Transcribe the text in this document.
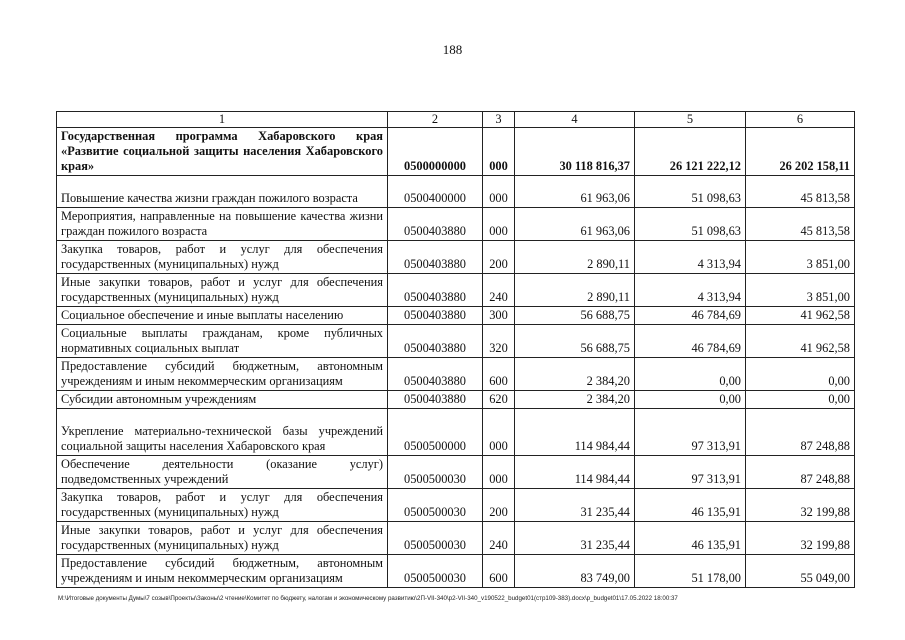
188
1	2	3	4	5	6
Государственная программа Хабаровского края «Развитие социальной защиты населения Хабаровского края»	0500000000	000	30 118 816,37	26 121 222,12	26 202 158,11
Повышение качества жизни граждан пожилого возраста	0500400000	000	61 963,06	51 098,63	45 813,58
Мероприятия, направленные на повышение качества жизни граждан пожилого возраста	0500403880	000	61 963,06	51 098,63	45 813,58
Закупка товаров, работ и услуг для обеспечения государственных (муниципальных) нужд	0500403880	200	2 890,11	4 313,94	3 851,00
Иные закупки товаров, работ и услуг для обеспечения государственных (муниципальных) нужд	0500403880	240	2 890,11	4 313,94	3 851,00
Социальное обеспечение и иные выплаты населению	0500403880	300	56 688,75	46 784,69	41 962,58
Социальные выплаты гражданам, кроме публичных нормативных социальных выплат	0500403880	320	56 688,75	46 784,69	41 962,58
Предоставление субсидий бюджетным, автономным учреждениям и иным некоммерческим организациям	0500403880	600	2 384,20	0,00	0,00
Субсидии автономным учреждениям	0500403880	620	2 384,20	0,00	0,00
Укрепление материально-технической базы учреждений социальной защиты населения Хабаровского края	0500500000	000	114 984,44	97 313,91	87 248,88
Обеспечение деятельности (оказание услуг) подведомственных учреждений	0500500030	000	114 984,44	97 313,91	87 248,88
Закупка товаров, работ и услуг для обеспечения государственных (муниципальных) нужд	0500500030	200	31 235,44	46 135,91	32 199,88
Иные закупки товаров, работ и услуг для обеспечения государственных (муниципальных) нужд	0500500030	240	31 235,44	46 135,91	32 199,88
Предоставление субсидий бюджетным, автономным учреждениям и иным некоммерческим организациям	0500500030	600	83 749,00	51 178,00	55 049,00
M:\Итоговые документы Думы\7 созыв\Проекты\Законы\2 чтение\Комитет по бюджету, налогам и экономическому развитию\2П-VII-340\р2-VII-340_v190522_budget01(стр109-383).docx\р_budget01\17.05.2022 18:00:37
